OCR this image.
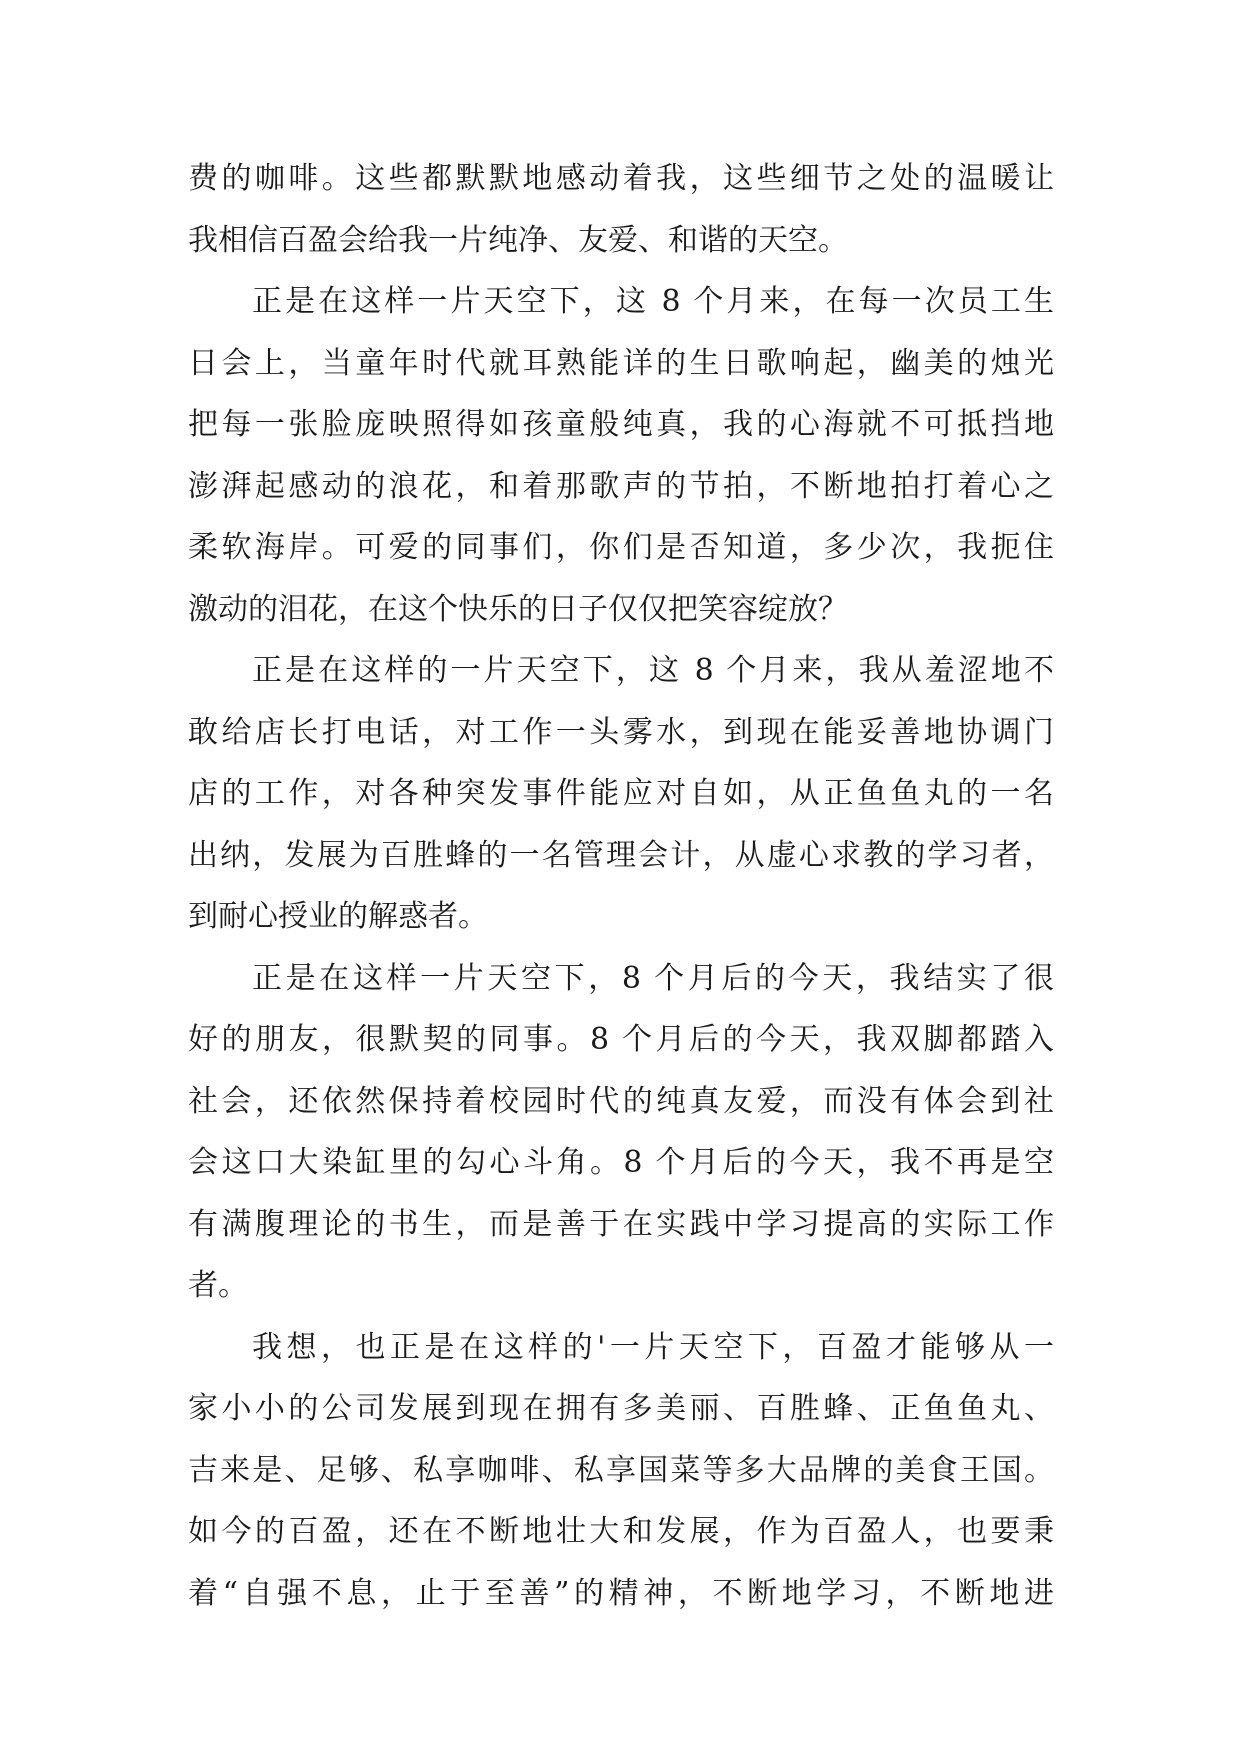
费的咖啡。这些都默默地感动着我，这些细节之处的温暖让
我相信百盈会给我一片纯净、友爱、和谐的天空。
正是在这样一片天空下，这 8 个月来，在每一次员工生
日会上，当童年时代就耳熟能详的生日歌响起，幽美的烛光
把每一张脸庞映照得如孩童般纯真，我的心海就不可抵挡地
澎湃起感动的浪花，和着那歌声的节拍，不断地拍打着心之
柔软海岸。可爱的同事们，你们是否知道，多少次，我扼住
激动的泪花，在这个快乐的日子仅仅把笑容绽放？
正是在这样的一片天空下，这 8 个月来，我从羞涩地不
敢给店长打电话，对工作一头雾水，到现在能妥善地协调门
店的工作，对各种突发事件能应对自如，从正鱼鱼丸的一名
出纳，发展为百胜蜂的一名管理会计，从虚心求教的学习者，
到耐心授业的解惑者。
正是在这样一片天空下，8 个月后的今天，我结实了很
好的朋友，很默契的同事。8 个月后的今天，我双脚都踏入
社会，还依然保持着校园时代的纯真友爱，而没有体会到社
会这口大染缸里的勾心斗角。8 个月后的今天，我不再是空
有满腹理论的书生，而是善于在实践中学习提高的实际工作
者。
我想，也正是在这样的'一片天空下，百盈才能够从一
家小小的公司发展到现在拥有多美丽、百胜蜂、正鱼鱼丸、
吉来是、足够、私享咖啡、私享国菜等多大品牌的美食王国。
如今的百盈，还在不断地壮大和发展，作为百盈人，也要秉
着“自强不息，止于至善”的精神，不断地学习，不断地进
